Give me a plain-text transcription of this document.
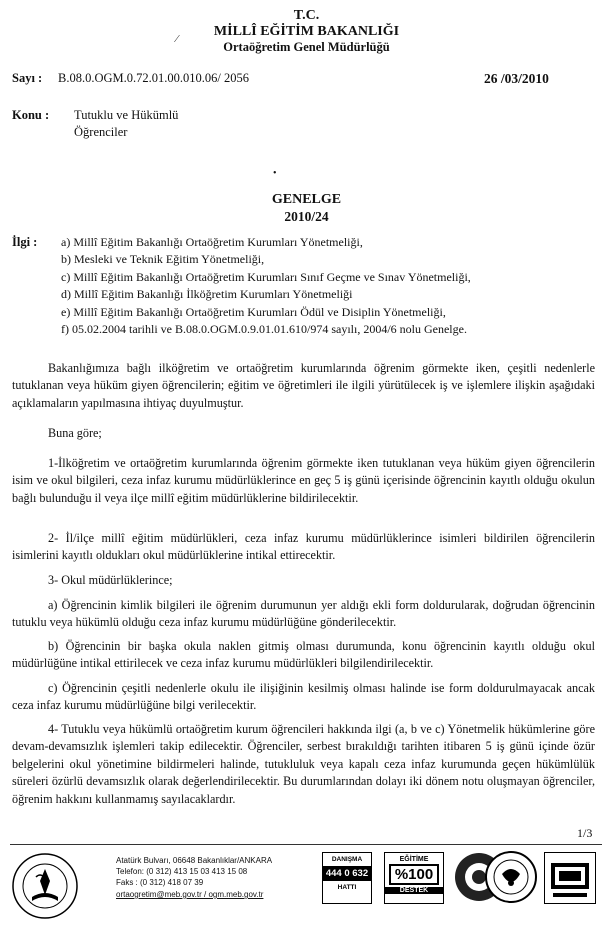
T.C.
MİLLÎ EĞİTİM BAKANLIĞI
Ortaöğretim Genel Müdürlüğü
⁄
Sayı : B.08.0.OGM.0.72.01.00.010.06/ 2056	26 /03/2010
Konu : Tutuklu ve Hükümlü
Öğrenciler
•
GENELGE
2010/24
İlgi : a) Millî Eğitim Bakanlığı Ortaöğretim Kurumları Yönetmeliği,
b) Mesleki ve Teknik Eğitim Yönetmeliği,
c) Millî Eğitim Bakanlığı Ortaöğretim Kurumları Sınıf Geçme ve Sınav Yönetmeliği,
d) Millî Eğitim Bakanlığı İlköğretim Kurumları Yönetmeliği
e) Millî Eğitim Bakanlığı Ortaöğretim Kurumları Ödül ve Disiplin Yönetmeliği,
f) 05.02.2004 tarihli ve B.08.0.OGM.0.9.01.01.610/974 sayılı, 2004/6 nolu Genelge.
Bakanlığımıza bağlı ilköğretim ve ortaöğretim kurumlarında öğrenim görmekte iken, çeşitli nedenlerle tutuklanan veya hüküm giyen öğrencilerin; eğitim ve öğretimleri ile ilgili yürütülecek iş ve işlemlere ilişkin aşağıdaki açıklamaların yapılmasına ihtiyaç duyulmuştur.
Buna göre;
1-İlköğretim ve ortaöğretim kurumlarında öğrenim görmekte iken tutuklanan veya hüküm giyen öğrencilerin isim ve okul bilgileri, ceza infaz kurumu müdürlüklerince en geç 5 iş günü içerisinde öğrencinin kayıtlı olduğu okulun bağlı bulunduğu il veya ilçe millî eğitim müdürlüklerine bildirilecektir.
2- İl/ilçe millî eğitim müdürlükleri, ceza infaz kurumu müdürlüklerince isimleri bildirilen öğrencilerin isimlerini kayıtlı oldukları okul müdürlüklerine intikal ettirecektir.
3- Okul müdürlüklerince;
a) Öğrencinin kimlik bilgileri ile öğrenim durumunun yer aldığı ekli form doldurularak, doğrudan öğrencinin tutuklu veya hükümlü olduğu ceza infaz kurumu müdürlüğüne gönderilecektir.
b) Öğrencinin bir başka okula naklen gitmiş olması durumunda, konu öğrencinin kayıtlı olduğu okul müdürlüğüne intikal ettirilecek ve ceza infaz kurumu müdürlükleri bilgilendirilecektir.
c) Öğrencinin çeşitli nedenlerle okulu ile ilişiğinin kesilmiş olması halinde ise form doldurulmayacak ancak ceza infaz kurumu müdürlüğüne bilgi verilecektir.
4- Tutuklu veya hükümlü ortaöğretim kurum öğrencileri hakkında ilgi (a, b ve c) Yönetmelik hükümlerine göre devam-devamsızlık işlemleri takip edilecektir. Öğrenciler, serbest bırakıldığı tarihten itibaren 5 iş günü içinde özür belgelerini okul yönetimine bildirmeleri halinde, tutukluluk veya kapalı ceza infaz kurumunda geçen hükümlülük süreleri özürlü devamsızlık olarak değerlendirilecektir. Bu durumlarından dolayı iki dönem notu oluşmayan öğrenciler, öğrenim hakkını kullanmamış sayılacaklardır.
1/3
Atatürk Bulvarı, 06648 Bakanlıklar/ANKARA
Telefon: (0 312) 413 15 03 413 15 08
Faks : (0 312) 418 07 39
ortaogretim@meb.gov.tr / ogm.meb.gov.tr
DANIŞMA
444 0 632
HATTI
EĞİTİME
%100
DESTEK
